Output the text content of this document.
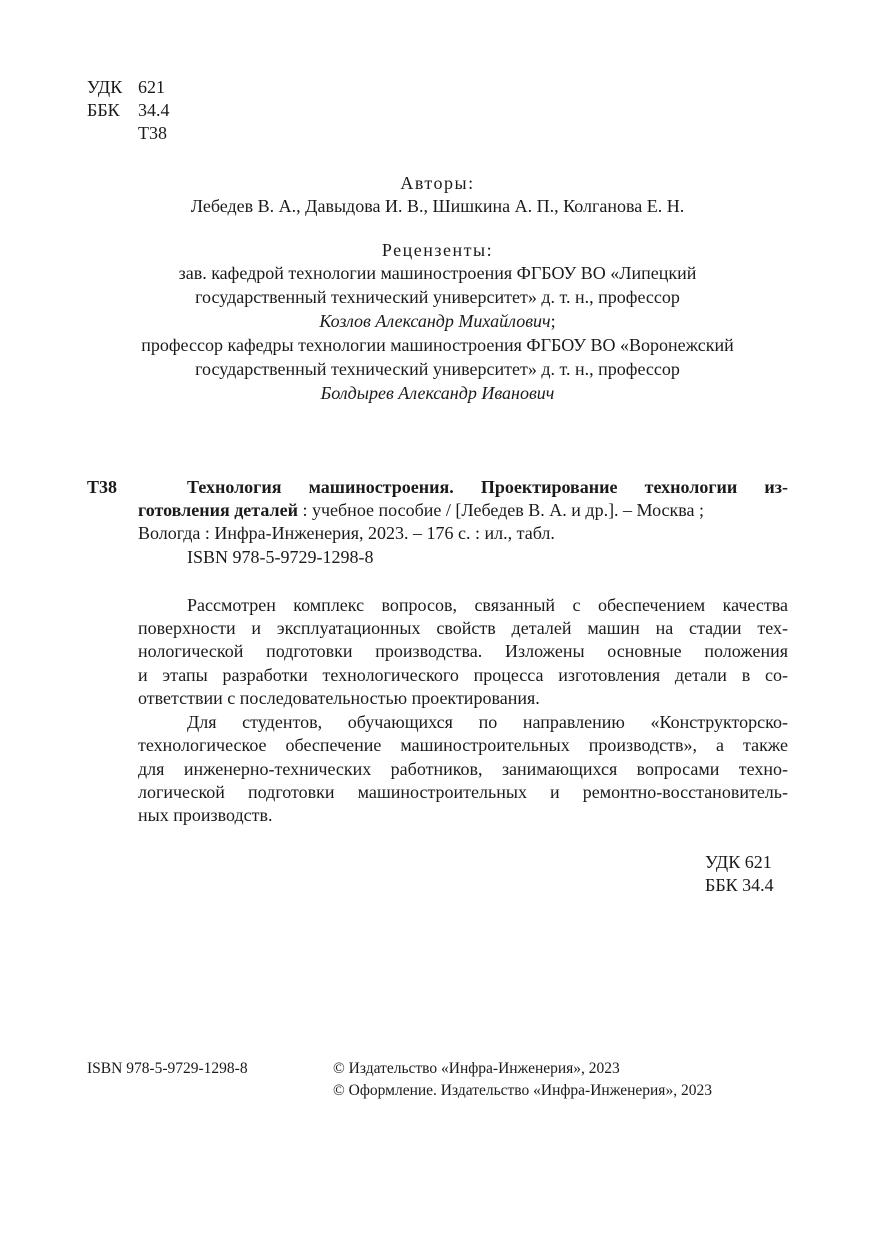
УДК 621
ББК 34.4
Т38
Авторы:
Лебедев В. А., Давыдова И. В., Шишкина А. П., Колганова Е. Н.
Рецензенты:
зав. кафедрой технологии машиностроения ФГБОУ ВО «Липецкий
государственный технический университет» д. т. н., профессор
Козлов Александр Михайлович;
профессор кафедры технологии машиностроения ФГБОУ ВО «Воронежский
государственный технический университет» д. т. н., профессор
Болдырев Александр Иванович
Т38	Технология машиностроения. Проектирование технологии из-
готовления деталей : учебное пособие / [Лебедев В. А. и др.]. – Москва ;
Вологда : Инфра-Инженерия, 2023. – 176 с. : ил., табл.
ISBN 978-5-9729-1298-8
Рассмотрен комплекс вопросов, связанный с обеспечением качества
поверхности и эксплуатационных свойств деталей машин на стадии тех-
нологической подготовки производства. Изложены основные положения
и этапы разработки технологического процесса изготовления детали в со-
ответствии с последовательностью проектирования.
Для студентов, обучающихся по направлению «Конструкторско-
технологическое обеспечение машиностроительных производств», а также
для инженерно-технических работников, занимающихся вопросами техно-
логической подготовки машиностроительных и ремонтно-восстановитель-
ных производств.
УДК 621
ББК 34.4
ISBN 978-5-9729-1298-8	© Издательство «Инфра-Инженерия», 2023
© Оформление. Издательство «Инфра-Инженерия», 2023
